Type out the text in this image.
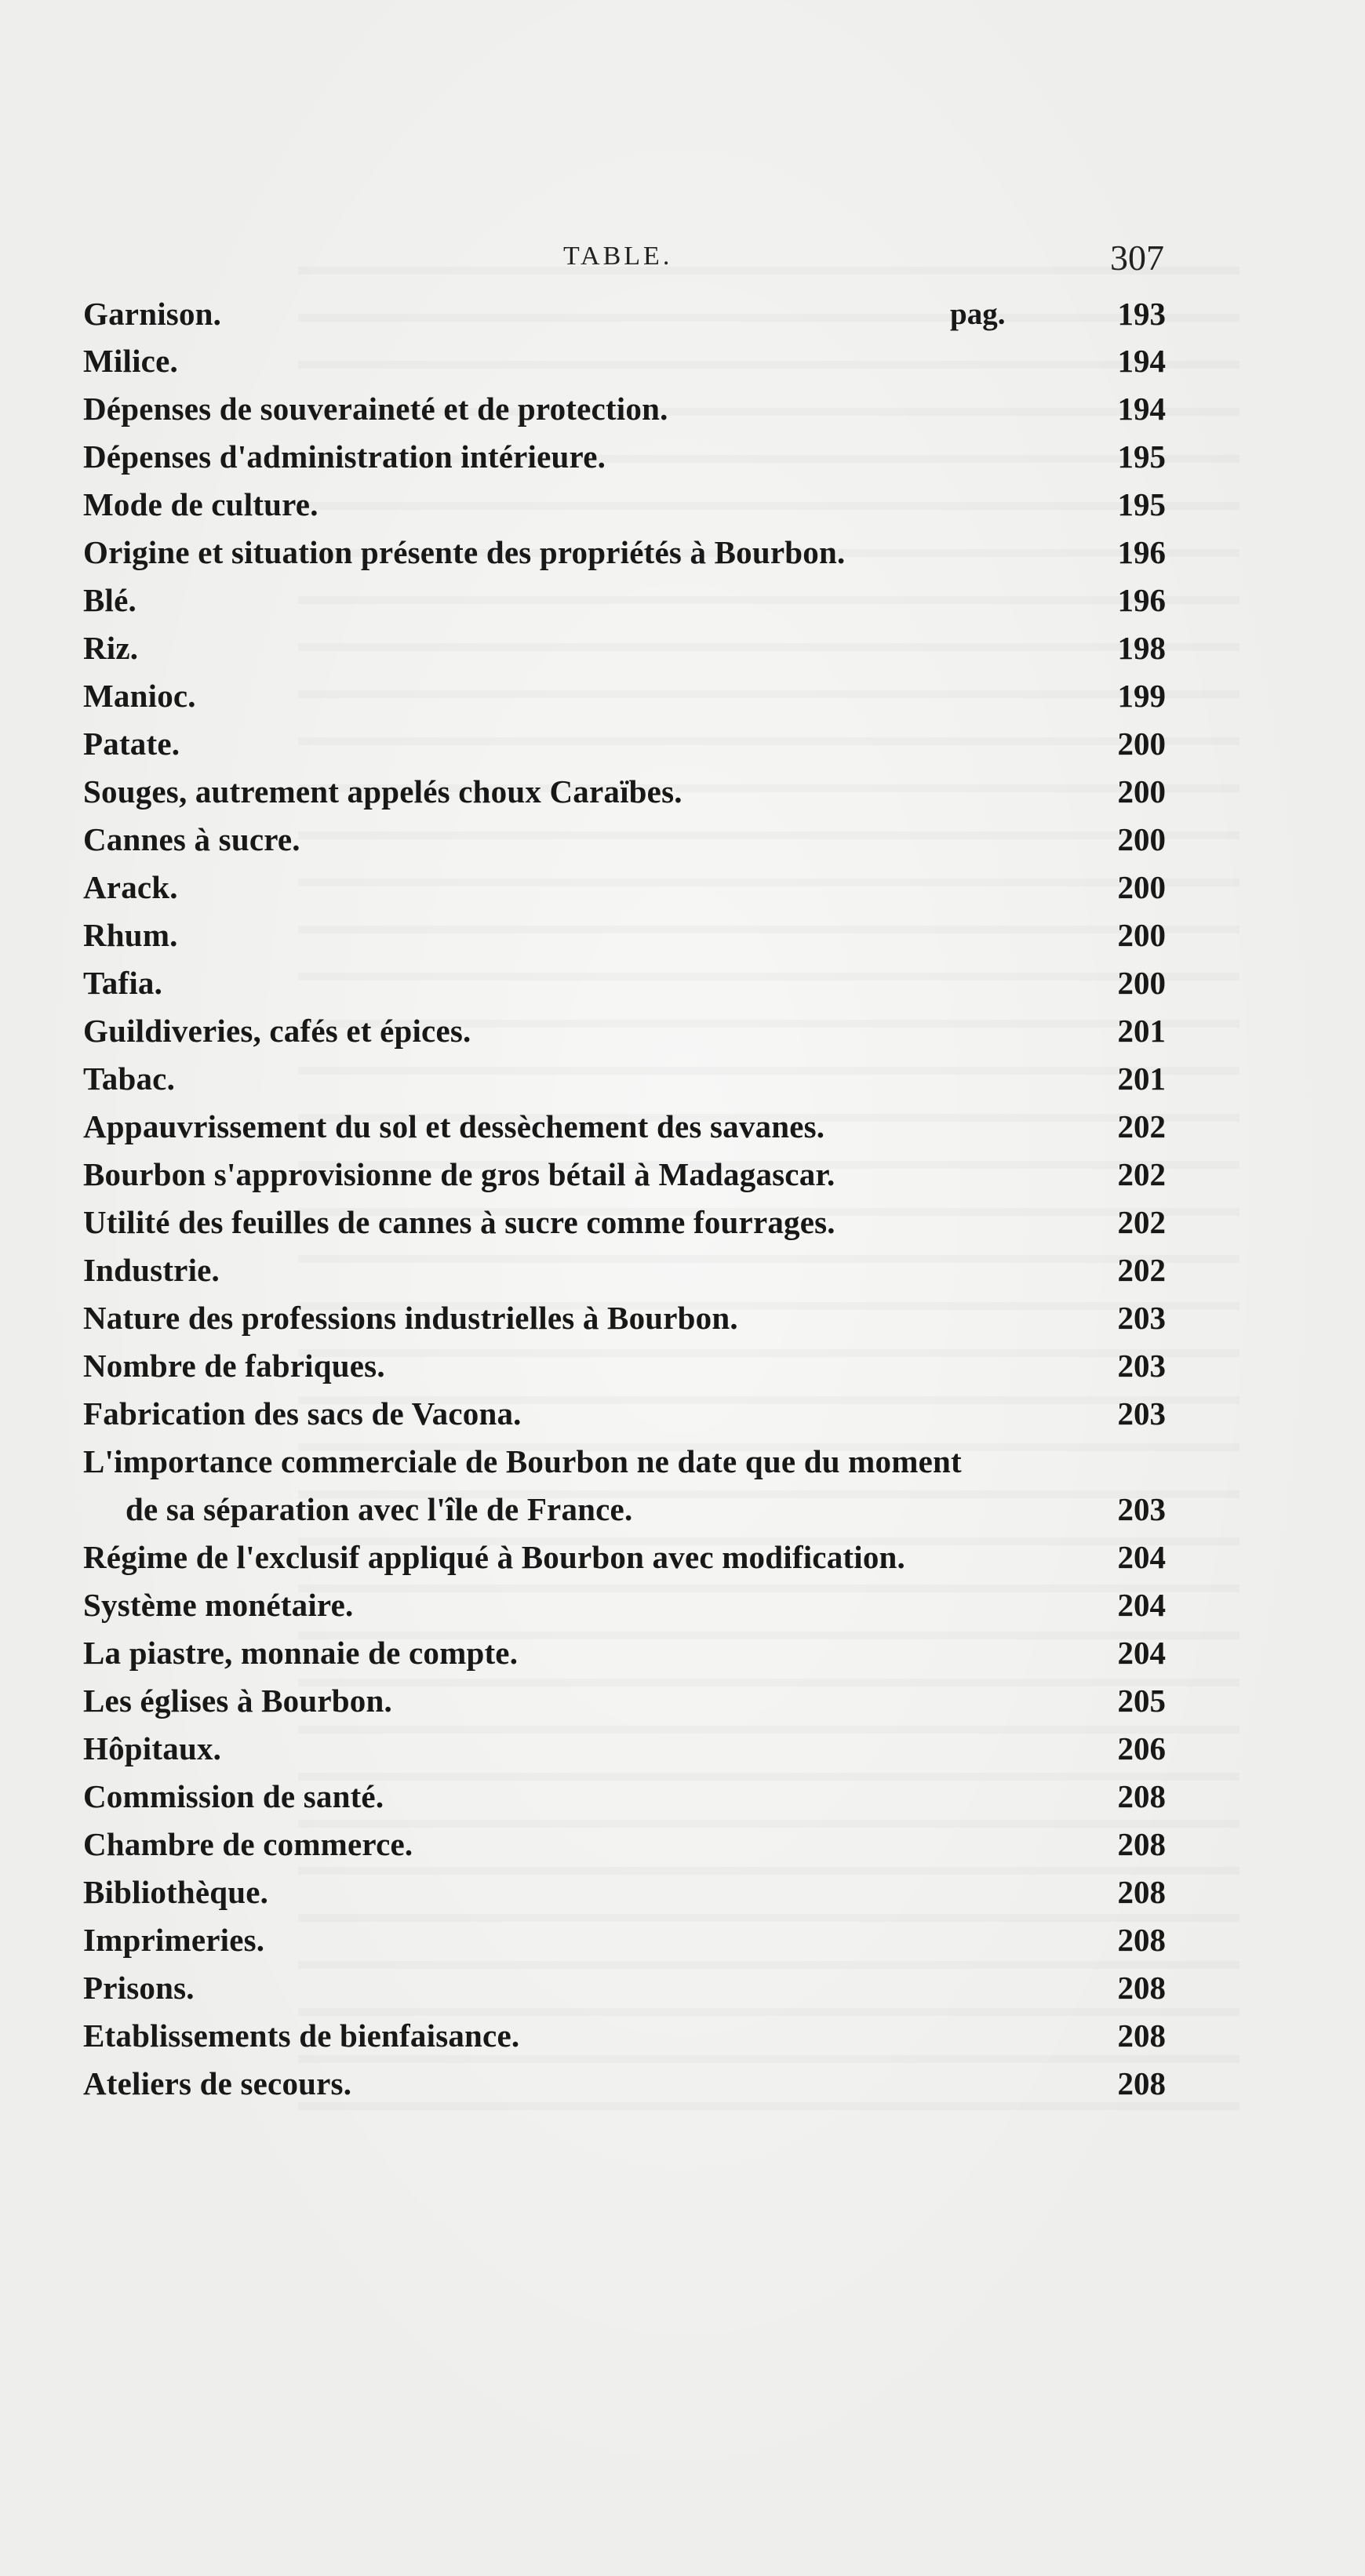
TABLE.	307
Garnison.	pag.	193
Milice.	194
Dépenses de souveraineté et de protection.	194
Dépenses d'administration intérieure.	195
Mode de culture.	195
Origine et situation présente des propriétés à Bourbon.	196
Blé.	196
Riz.	198
Manioc.	199
Patate.	200
Souges, autrement appelés choux Caraïbes.	200
Cannes à sucre.	200
Arack.	200
Rhum.	200
Tafia.	200
Guildiveries, cafés et épices.	201
Tabac.	201
Appauvrissement du sol et dessèchement des savanes.	202
Bourbon s'approvisionne de gros bétail à Madagascar.	202
Utilité des feuilles de cannes à sucre comme fourrages.	202
Industrie.	202
Nature des professions industrielles à Bourbon.	203
Nombre de fabriques.	203
Fabrication des sacs de Vacona.	203
L'importance commerciale de Bourbon ne date que du moment
de sa séparation avec l'île de France.	203
Régime de l'exclusif appliqué à Bourbon avec modification.	204
Système monétaire.	204
La piastre, monnaie de compte.	204
Les églises à Bourbon.	205
Hôpitaux.	206
Commission de santé.	208
Chambre de commerce.	208
Bibliothèque.	208
Imprimeries.	208
Prisons.	208
Etablissements de bienfaisance.	208
Ateliers de secours.	208
